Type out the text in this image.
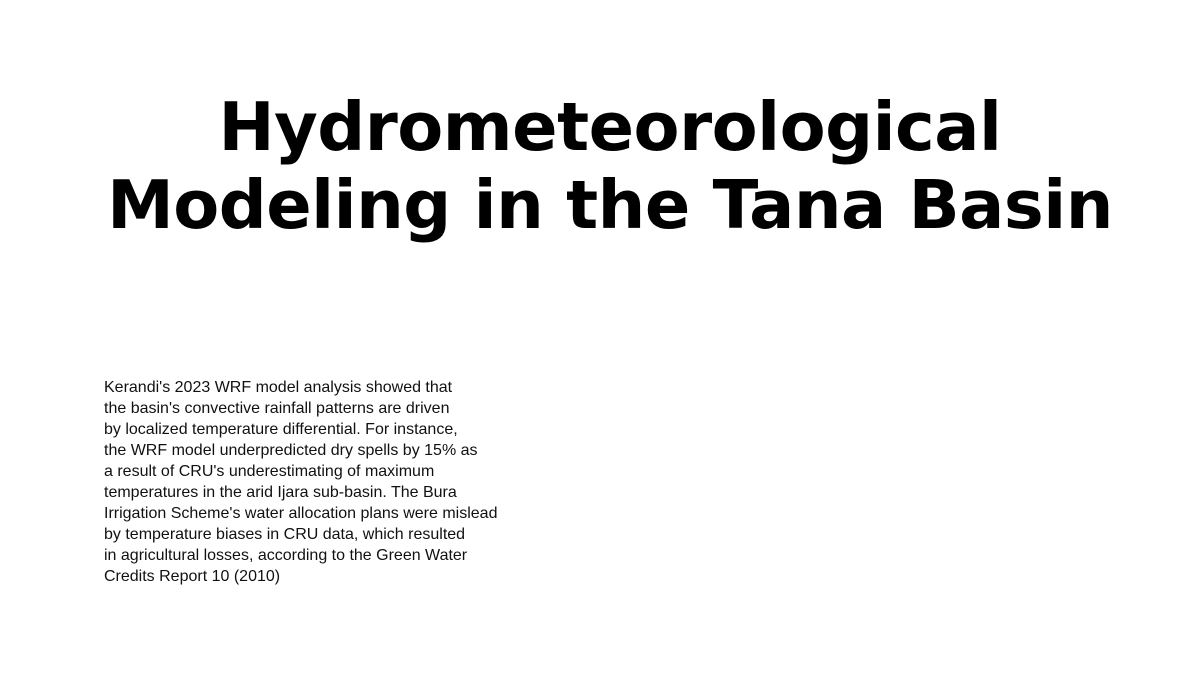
Hydrometeorological
Modeling in the Tana Basin

Kerandi's 2023 WRF model analysis showed that
the basin's convective rainfall patterns are driven
by localized temperature differential. For instance,
the WRF model underpredicted dry spells by 15% as
a result of CRU's underestimating of maximum
temperatures in the arid Ijara sub-basin. The Bura
Irrigation Scheme's water allocation plans were mislead
by temperature biases in CRU data, which resulted
in agricultural losses, according to the Green Water
Credits Report 10 (2010)
